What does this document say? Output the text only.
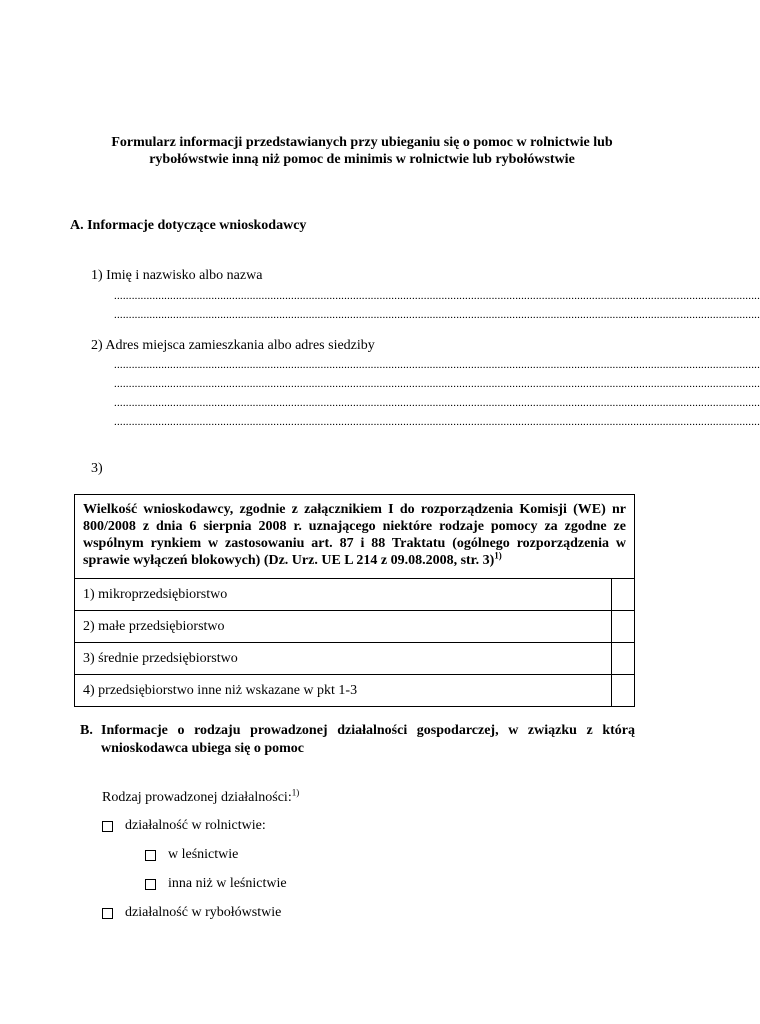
Formularz informacji przedstawianych przy ubieganiu się o pomoc w rolnictwie lub rybołówstwie inną niż pomoc de minimis w rolnictwie lub rybołówstwie
A. Informacje dotyczące wnioskodawcy
1) Imię i nazwisko albo nazwa
...........................................................................................................................................................................................................................
...........................................................................................................................................................................................................................
2) Adres miejsca zamieszkania albo adres siedziby
...........................................................................................................................................................................................................................
...........................................................................................................................................................................................................................
...........................................................................................................................................................................................................................
...........................................................................................................................................................................................................................
3)
Wielkość wnioskodawcy, zgodnie z załącznikiem I do rozporządzenia Komisji (WE) nr 800/2008 z dnia 6 sierpnia 2008 r. uznającego niektóre rodzaje pomocy za zgodne ze wspólnym rynkiem w zastosowaniu art. 87 i 88 Traktatu (ogólnego rozporządzenia w sprawie wyłączeń blokowych) (Dz. Urz. UE L 214 z 09.08.2008, str. 3)$^{1)}$
1) mikroprzedsiębiorstwo	
2) małe przedsiębiorstwo	
3) średnie przedsiębiorstwo	
4) przedsiębiorstwo inne niż wskazane w pkt 1-3	
B. Informacje o rodzaju prowadzonej działalności gospodarczej, w związku z którą wnioskodawca ubiega się o pomoc
Rodzaj prowadzonej działalności:$^{1)}$
działalność w rolnictwie:
w leśnictwie
inna niż w leśnictwie
działalność w rybołówstwie
